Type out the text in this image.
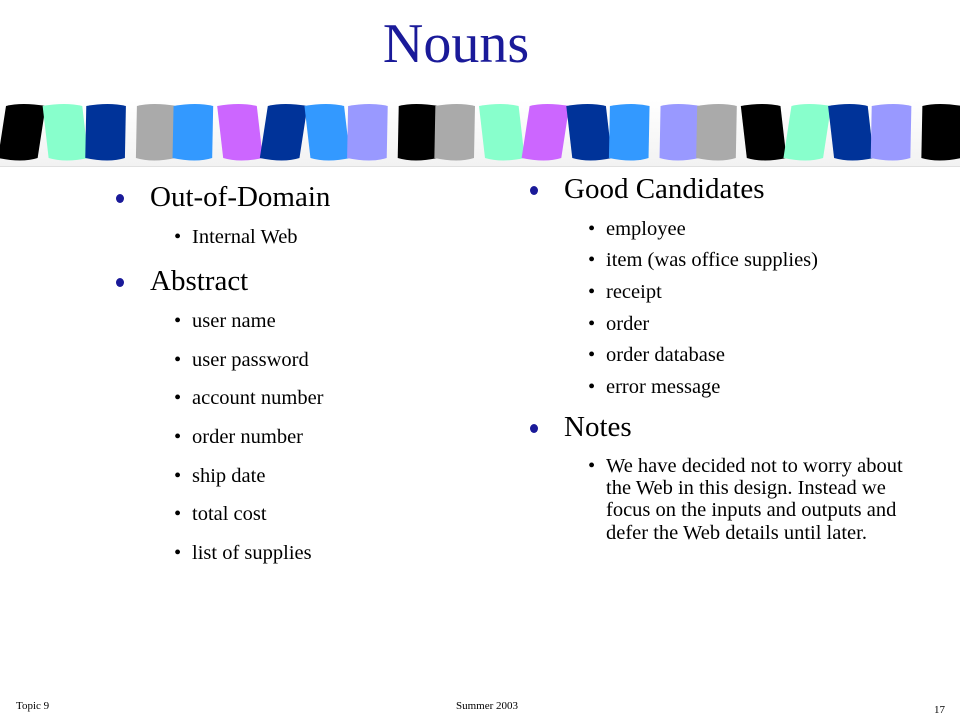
Nouns
Out-of-Domain
• Internal Web
Abstract
• user name
• user password
• account number
• order number
• ship date
• total cost
• list of supplies
Good Candidates
• employee
• item (was office supplies)
• receipt
• order
• order database
• error message
Notes
• We have decided not to worry about the Web in this design. Instead we focus on the inputs and outputs and defer the Web details until later.
Topic 9	Summer 2003	17
